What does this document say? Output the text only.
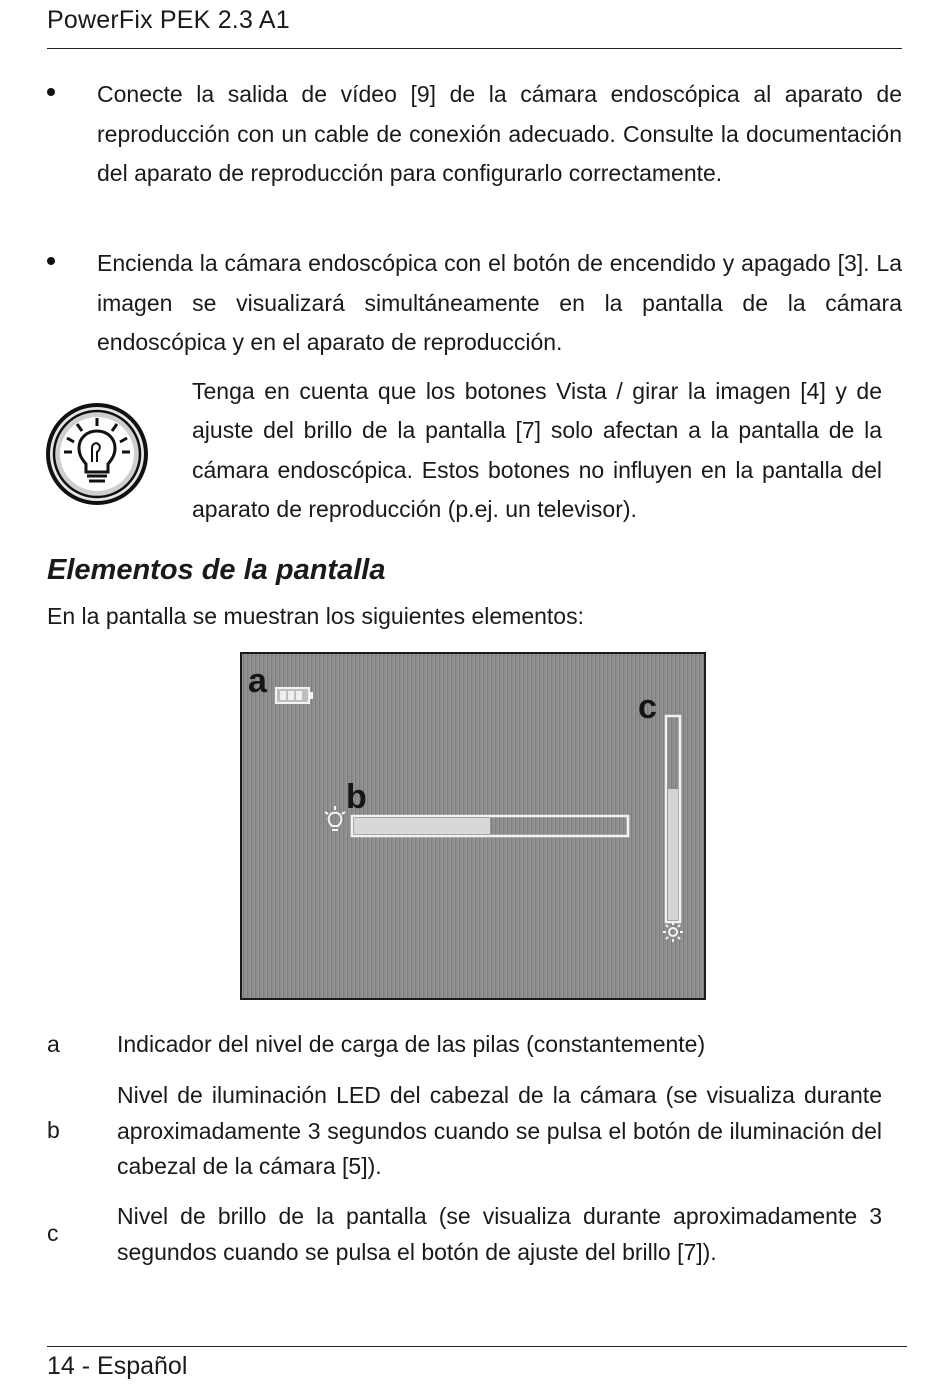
PowerFix PEK 2.3 A1
Conecte la salida de vídeo [9] de la cámara endoscópica al aparato de reproducción con un cable de conexión adecuado. Consulte la documentación del aparato de reproducción para configurarlo correctamente.
Encienda la cámara endoscópica con el botón de encendido y apagado [3]. La imagen se visualizará simultáneamente en la pantalla de la cámara endoscópica y en el aparato de reproducción.
Tenga en cuenta que los botones Vista / girar la imagen [4] y de ajuste del brillo de la pantalla [7] solo afectan a la pantalla de la cámara endoscópica. Estos botones no influyen en la pantalla del aparato de reproducción (p.ej. un televisor).
Elementos de la pantalla
En la pantalla se muestran los siguientes elementos:
a
b
c
a Indicador del nivel de carga de las pilas (constantemente)
b
Nivel de iluminación LED del cabezal de la cámara (se visualiza durante aproximadamente 3 segundos cuando se pulsa el botón de iluminación del cabezal de la cámara [5]).
c
Nivel de brillo de la pantalla (se visualiza durante aproximadamente 3 segundos cuando se pulsa el botón de ajuste del brillo [7]).
14 - Español
